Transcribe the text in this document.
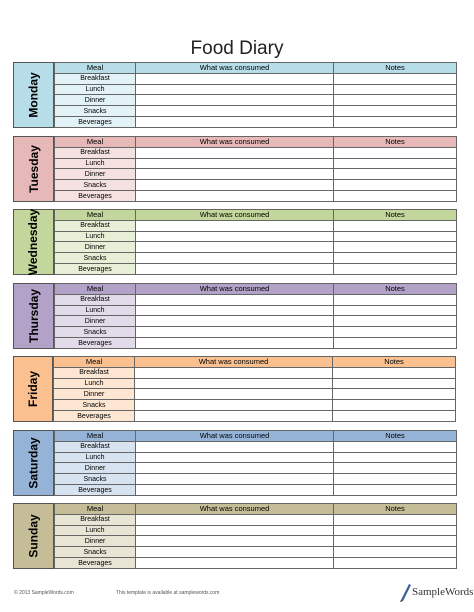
Food Diary
Monday
Meal	What was consumed	Notes
Breakfast		
Lunch		
Dinner		
Snacks		
Beverages		
Tuesday
Meal	What was consumed	Notes
Breakfast		
Lunch		
Dinner		
Snacks		
Beverages		
Wednesday	Meal	What was consumed	Notes
Breakfast		
Lunch		
Dinner		
Snacks		
Beverages		
Thursday
Meal	What was consumed	Notes
Breakfast		
Lunch		
Dinner		
Snacks		
Beverages		
Friday
Meal	What was consumed	Notes
Breakfast		
Lunch		
Dinner		
Snacks		
Beverages		
Saturday
Meal	What was consumed	Notes
Breakfast		
Lunch		
Dinner		
Snacks		
Beverages		
Sunday
Meal	What was consumed	Notes
Breakfast		
Lunch		
Dinner		
Snacks		
Beverages		
© 2013 SampleWords.com	This template is available at samplewords.com	SampleWords
